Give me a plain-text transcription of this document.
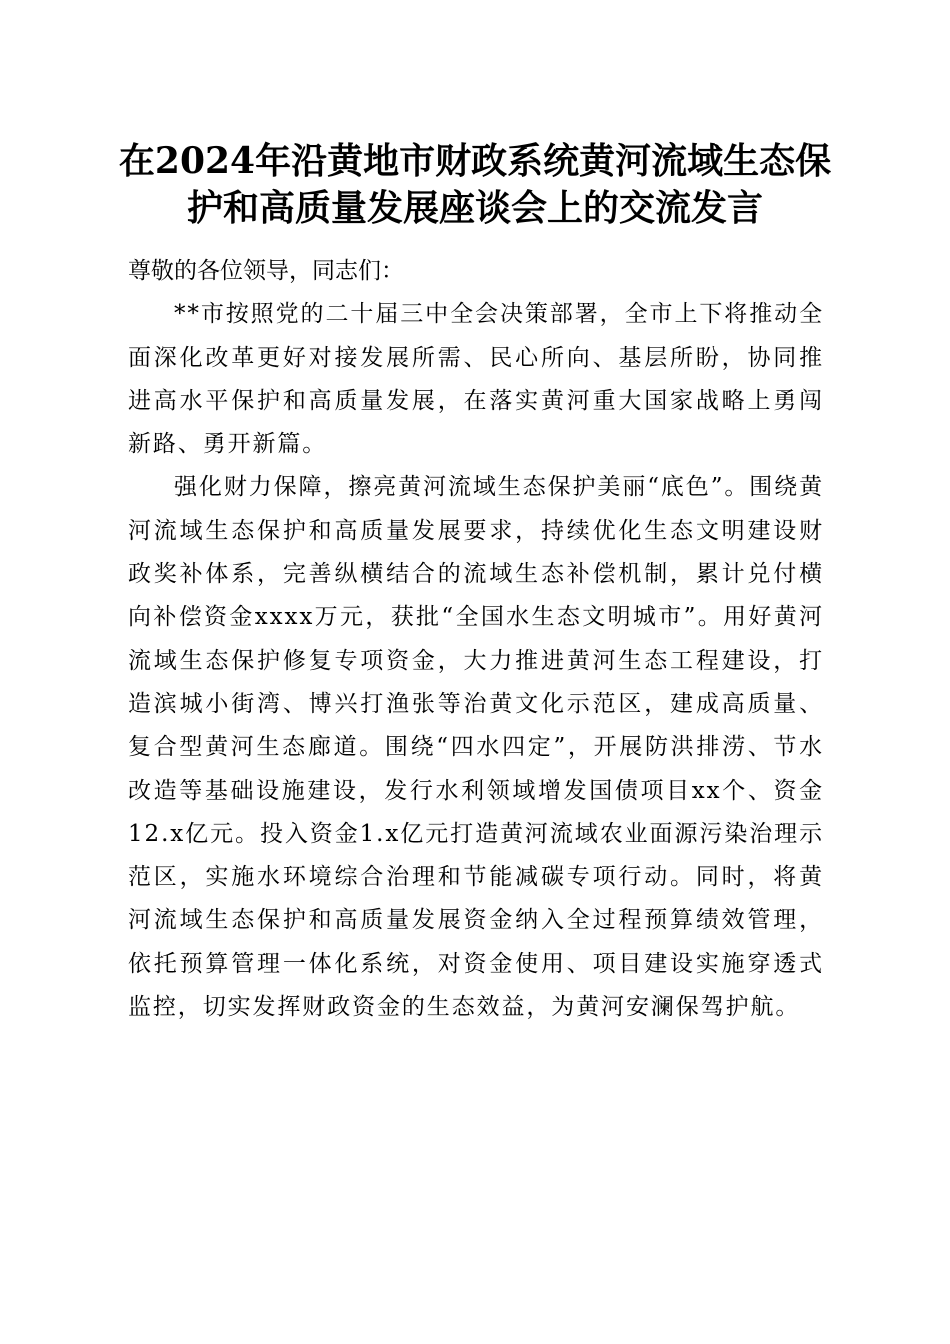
在2024年沿黄地市财政系统黄河流域生态保
护和高质量发展座谈会上的交流发言

尊敬的各位领导，同志们：

**市按照党的二十届三中全会决策部署，全市上下将推动全面深化改革更好对接发展所需、民心所向、基层所盼，协同推进高水平保护和高质量发展，在落实黄河重大国家战略上勇闯新路、勇开新篇。

强化财力保障，擦亮黄河流域生态保护美丽“底色”。围绕黄河流域生态保护和高质量发展要求，持续优化生态文明建设财政奖补体系，完善纵横结合的流域生态补偿机制，累计兑付横向补偿资金xxxx万元，获批“全国水生态文明城市”。用好黄河流域生态保护修复专项资金，大力推进黄河生态工程建设，打造滨城小街湾、博兴打渔张等治黄文化示范区，建成高质量、复合型黄河生态廊道。围绕“四水四定”，开展防洪排涝、节水改造等基础设施建设，发行水利领域增发国债项目xx个、资金12.x亿元。投入资金1.x亿元打造黄河流域农业面源污染治理示范区，实施水环境综合治理和节能减碳专项行动。同时，将黄河流域生态保护和高质量发展资金纳入全过程预算绩效管理，依托预算管理一体化系统，对资金使用、项目建设实施穿透式监控，切实发挥财政资金的生态效益，为黄河安澜保驾护航。
